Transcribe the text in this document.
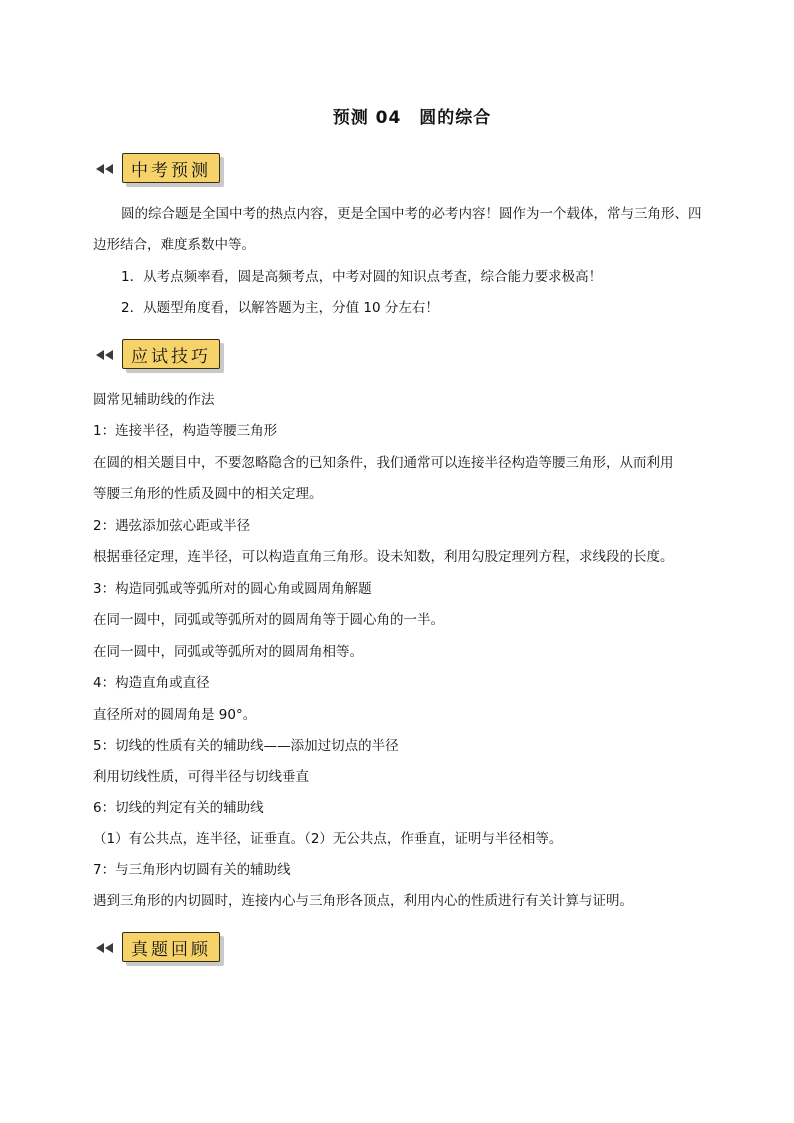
预测 04 圆的综合
中考预测

圆的综合题是全国中考的热点内容，更是全国中考的必考内容！圆作为一个载体，常与三角形、四边形结合，难度系数中等。

1．从考点频率看，圆是高频考点，中考对圆的知识点考查，综合能力要求极高！
2．从题型角度看，以解答题为主，分值 10 分左右！
应试技巧
圆常见辅助线的作法
1：连接半径，构造等腰三角形
在圆的相关题目中，不要忽略隐含的已知条件，我们通常可以连接半径构造等腰三角形，从而利用
等腰三角形的性质及圆中的相关定理。
2：遇弦添加弦心距或半径
根据垂径定理，连半径，可以构造直角三角形。设未知数，利用勾股定理列方程，求线段的长度。
3：构造同弧或等弧所对的圆心角或圆周角解题
在同一圆中，同弧或等弧所对的圆周角等于圆心角的一半。
在同一圆中，同弧或等弧所对的圆周角相等。
4：构造直角或直径
直径所对的圆周角是 90°。
5：切线的性质有关的辅助线——添加过切点的半径
利用切线性质，可得半径与切线垂直
6：切线的判定有关的辅助线
（1）有公共点，连半径，证垂直。（2）无公共点，作垂直，证明与半径相等。
7：与三角形内切圆有关的辅助线
遇到三角形的内切圆时，连接内心与三角形各顶点，利用内心的性质进行有关计算与证明。
真题回顾
